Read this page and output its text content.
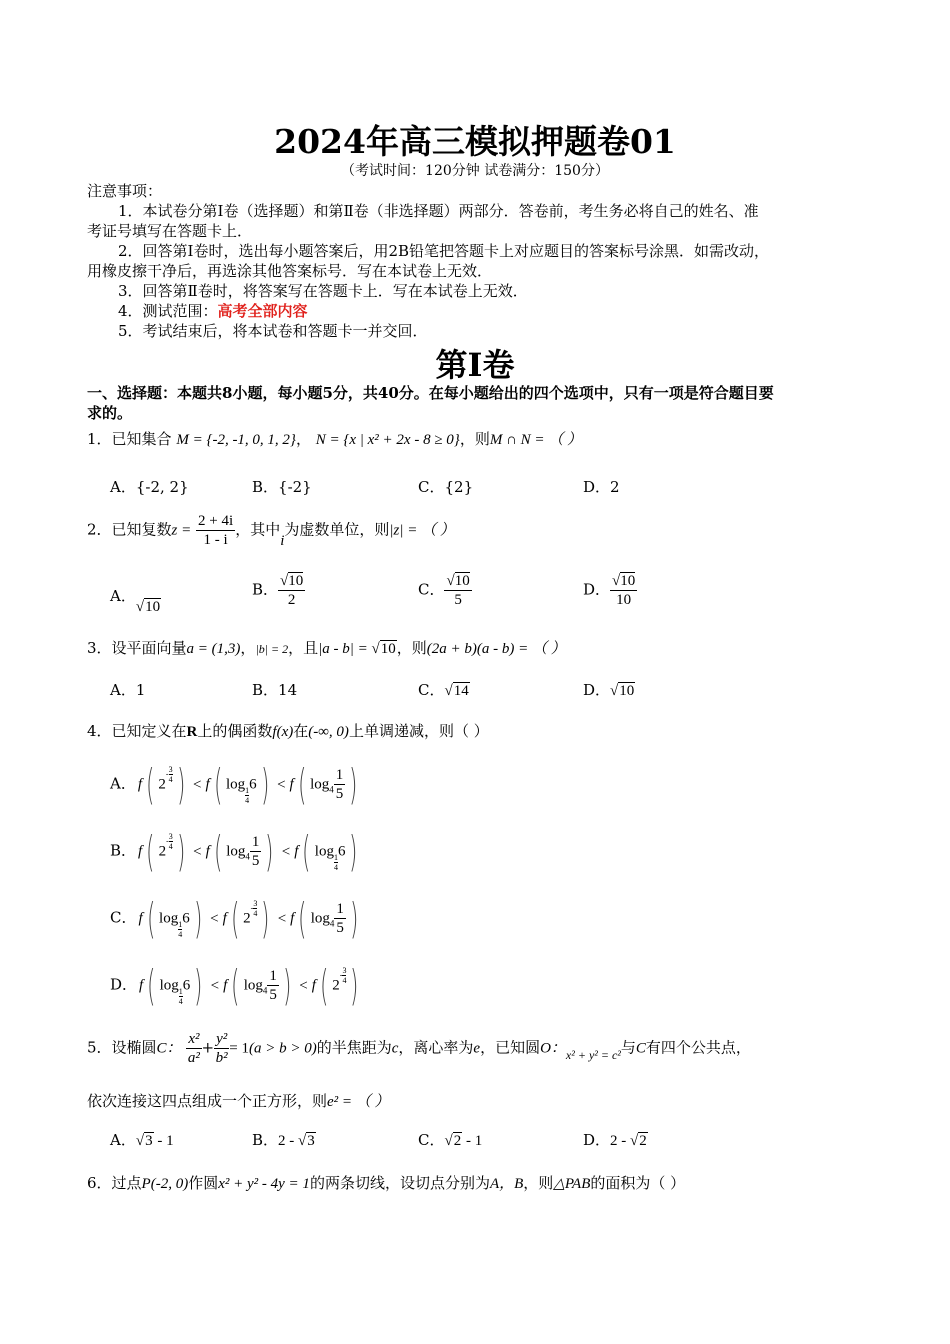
2024年高三模拟押题卷01
（考试时间：120分钟 试卷满分：150分）
注意事项：
1．本试卷分第Ⅰ卷（选择题）和第Ⅱ卷（非选择题）两部分．答卷前，考生务必将自己的姓名、准
考证号填写在答题卡上．
2．回答第Ⅰ卷时，选出每小题答案后，用2B铅笔把答题卡上对应题目的答案标号涂黑．如需改动，
用橡皮擦干净后，再选涂其他答案标号．写在本试卷上无效．
3．回答第Ⅱ卷时，将答案写在答题卡上．写在本试卷上无效．
4．测试范围：高考全部内容
5．考试结束后，将本试卷和答题卡一并交回．
第Ⅰ卷
一、选择题：本题共8小题，每小题5分，共40分。在每小题给出的四个选项中，只有一项是符合题目要
求的。
1．已知集合 M = {-2, -1, 0, 1, 2}， N = {x | x² + 2x - 8 ≥ 0}，则M ∩ N = （ ）
A．{-2, 2}	B．{-2}	C．{2}	D．2
2．已知复数$z = \frac{2 + 4i}{1 - i}$ ，其中i为虚数单位，则|z| = （ ）
A．√10
B． $\frac{√10}{2}$	C． $\frac{√10}{5}$	D． $\frac{√10}{10}$
3．设平面向量a = (1,3)，|b| = 2，且|a - b| = √10，则(2a + b)(a - b) = （ ）
A．1	B．14	C．√14	D．√10
4．已知定义在R上的偶函数f(x)在(-∞, 0)上单调递减，则（ ）
A． f( $2- \frac{3}{4}$ ) < f( log
$\frac{1}{4}$
6) < f( $\log_4 \frac{1}{5}$ )
B． f( $2- \frac{3}{4}$ ) < f( $\log_4 \frac{1}{5}$ ) < f( log
$\frac{1}{4}$
6)
C． f( log
$\frac{1}{4}$
6) < f( $2- \frac{3}{4}$ ) < f( $\log_4 \frac{1}{5}$ )
D． f( log
$\frac{1}{4}$
6) < f( $\log_4 \frac{1}{5}$ ) < f( $2- \frac{3}{4}$ )
5．设椭圆C： $\frac{\text{x²}}{\text{a²}} + \frac{\text{y²}}{\text{b²}} = 1(a > b > 0)$的半焦距为c，离心率为e，已知圆O：$_{x^2 + y^2 = c^2}$与C有四个公共点，
依次连接这四点组成一个正方形，则e² = （ ）
A．√3 - 1	B．2 - √3	C．√2 - 1	D．2 - √2
6．过点P(-2, 0)作圆x² + y² - 4y = 1的两条切线，设切点分别为A，B，则△PAB的面积为（ ）
